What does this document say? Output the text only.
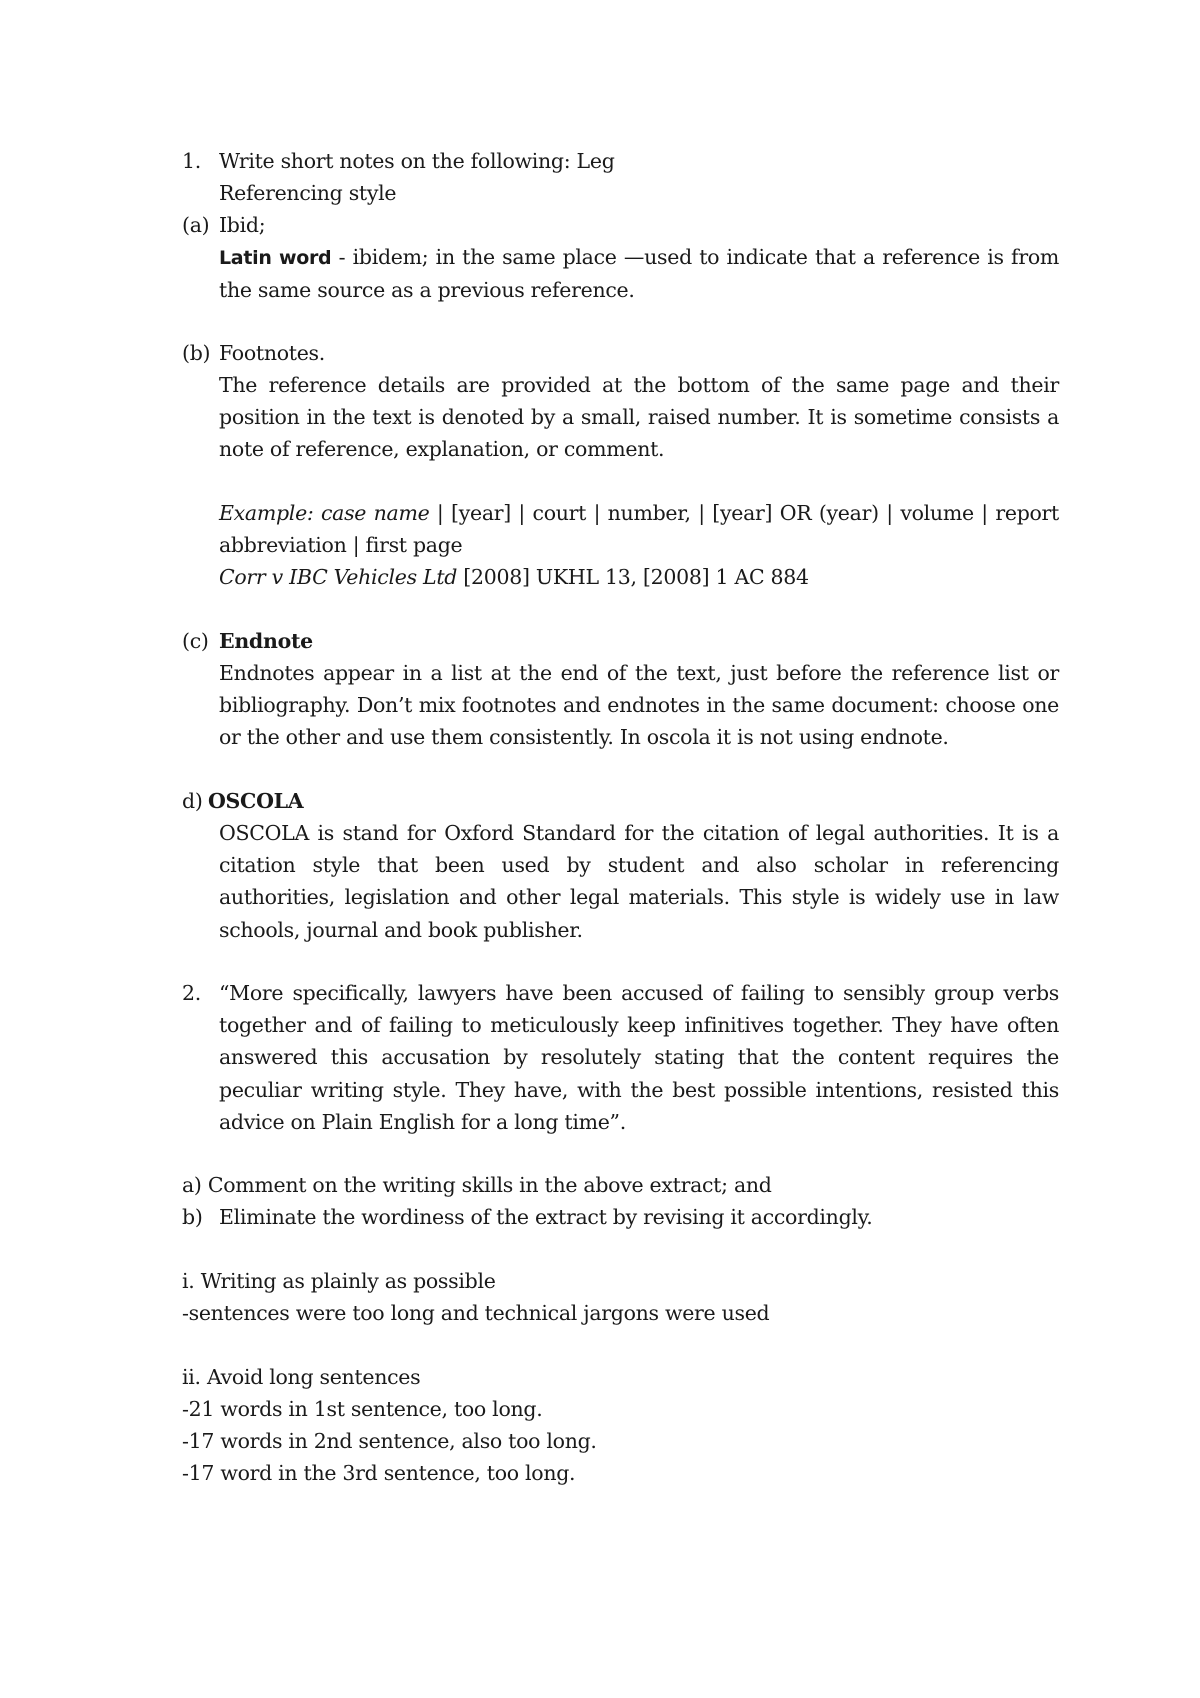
1. Write short notes on the following: Leg
Referencing style
(a) Ibid;
Latin word - ibidem; in the same place —used to indicate that a reference is from the same source as a previous reference.
(b) Footnotes.
The reference details are provided at the bottom of the same page and their position in the text is denoted by a small, raised number. It is sometime consists a note of reference, explanation, or comment.
Example: case name | [year] | court | number, | [year] OR (year) | volume | report abbreviation | first page
Corr v IBC Vehicles Ltd [2008] UKHL 13, [2008] 1 AC 884
(c) Endnote
Endnotes appear in a list at the end of the text, just before the reference list or bibliography. Don’t mix footnotes and endnotes in the same document: choose one or the other and use them consistently. In oscola it is not using endnote.
d) OSCOLA
OSCOLA is stand for Oxford Standard for the citation of legal authorities. It is a citation style that been used by student and also scholar in referencing authorities, legislation and other legal materials. This style is widely use in law schools, journal and book publisher.
2. “More specifically, lawyers have been accused of failing to sensibly group verbs together and of failing to meticulously keep infinitives together. They have often answered this accusation by resolutely stating that the content requires the peculiar writing style. They have, with the best possible intentions, resisted this advice on Plain English for a long time”.
a) Comment on the writing skills in the above extract; and
b) Eliminate the wordiness of the extract by revising it accordingly.
i. Writing as plainly as possible
-sentences were too long and technical jargons were used
ii. Avoid long sentences
-21 words in 1st sentence, too long.
-17 words in 2nd sentence, also too long.
-17 word in the 3rd sentence, too long.
